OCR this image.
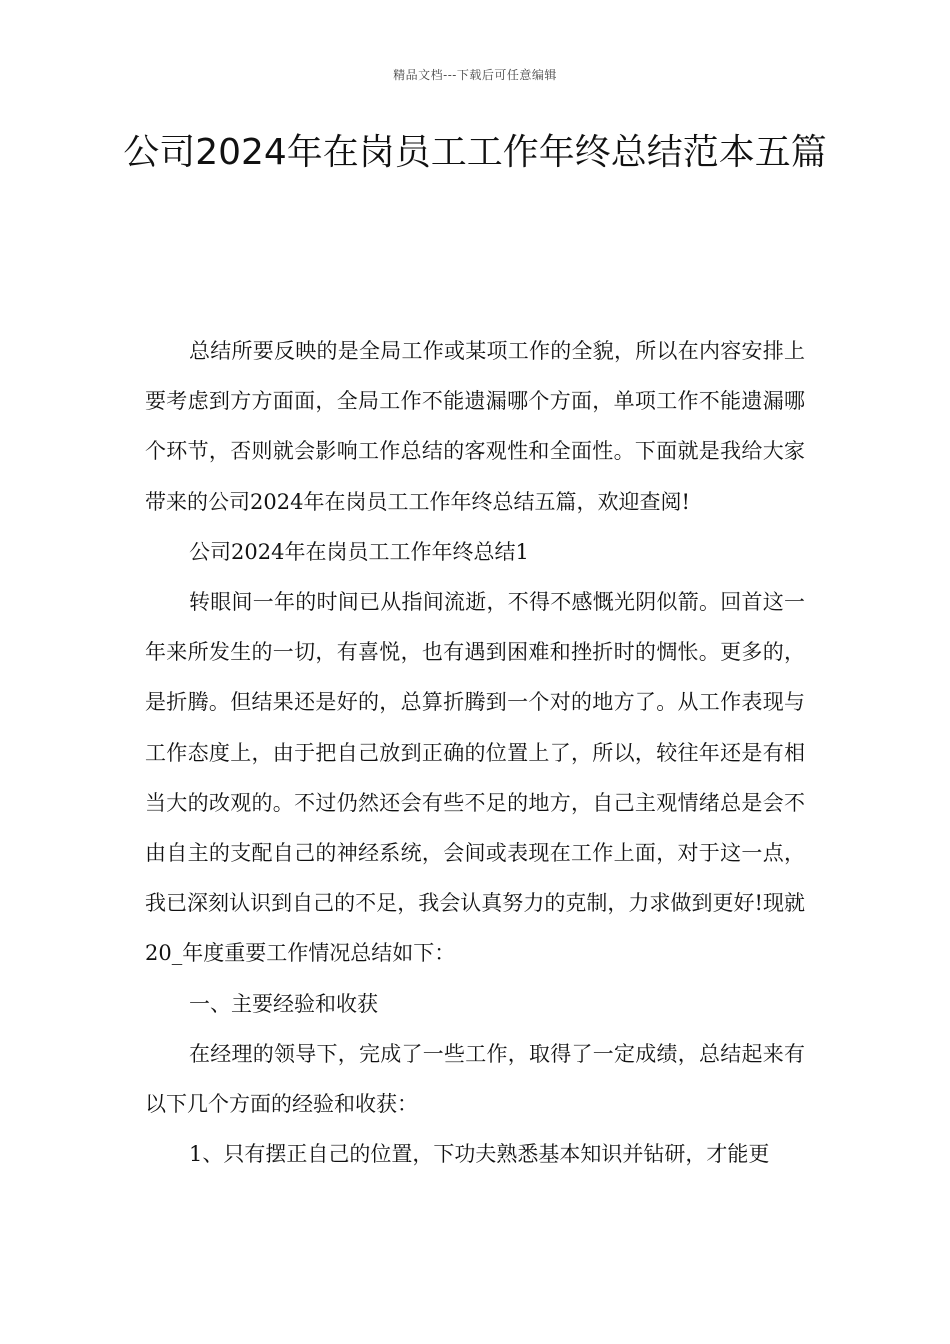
精品文档---下载后可任意编辑
公司2024年在岗员工工作年终总结范本五篇

总结所要反映的是全局工作或某项工作的全貌，所以在内容安排上要考虑到方方面面，全局工作不能遗漏哪个方面，单项工作不能遗漏哪个环节，否则就会影响工作总结的客观性和全面性。下面就是我给大家带来的公司2024年在岗员工工作年终总结五篇，欢迎查阅!

公司2024年在岗员工工作年终总结1

转眼间一年的时间已从指间流逝，不得不感慨光阴似箭。回首这一年来所发生的一切，有喜悦，也有遇到困难和挫折时的惆怅。更多的，是折腾。但结果还是好的，总算折腾到一个对的地方了。从工作表现与工作态度上，由于把自己放到正确的位置上了，所以，较往年还是有相当大的改观的。不过仍然还会有些不足的地方，自己主观情绪总是会不由自主的支配自己的神经系统，会间或表现在工作上面，对于这一点，我已深刻认识到自己的不足，我会认真努力的克制，力求做到更好!现就20_年度重要工作情况总结如下：

一、主要经验和收获

在经理的领导下，完成了一些工作，取得了一定成绩，总结起来有以下几个方面的经验和收获：

1、只有摆正自己的位置，下功夫熟悉基本知识并钻研，才能更
